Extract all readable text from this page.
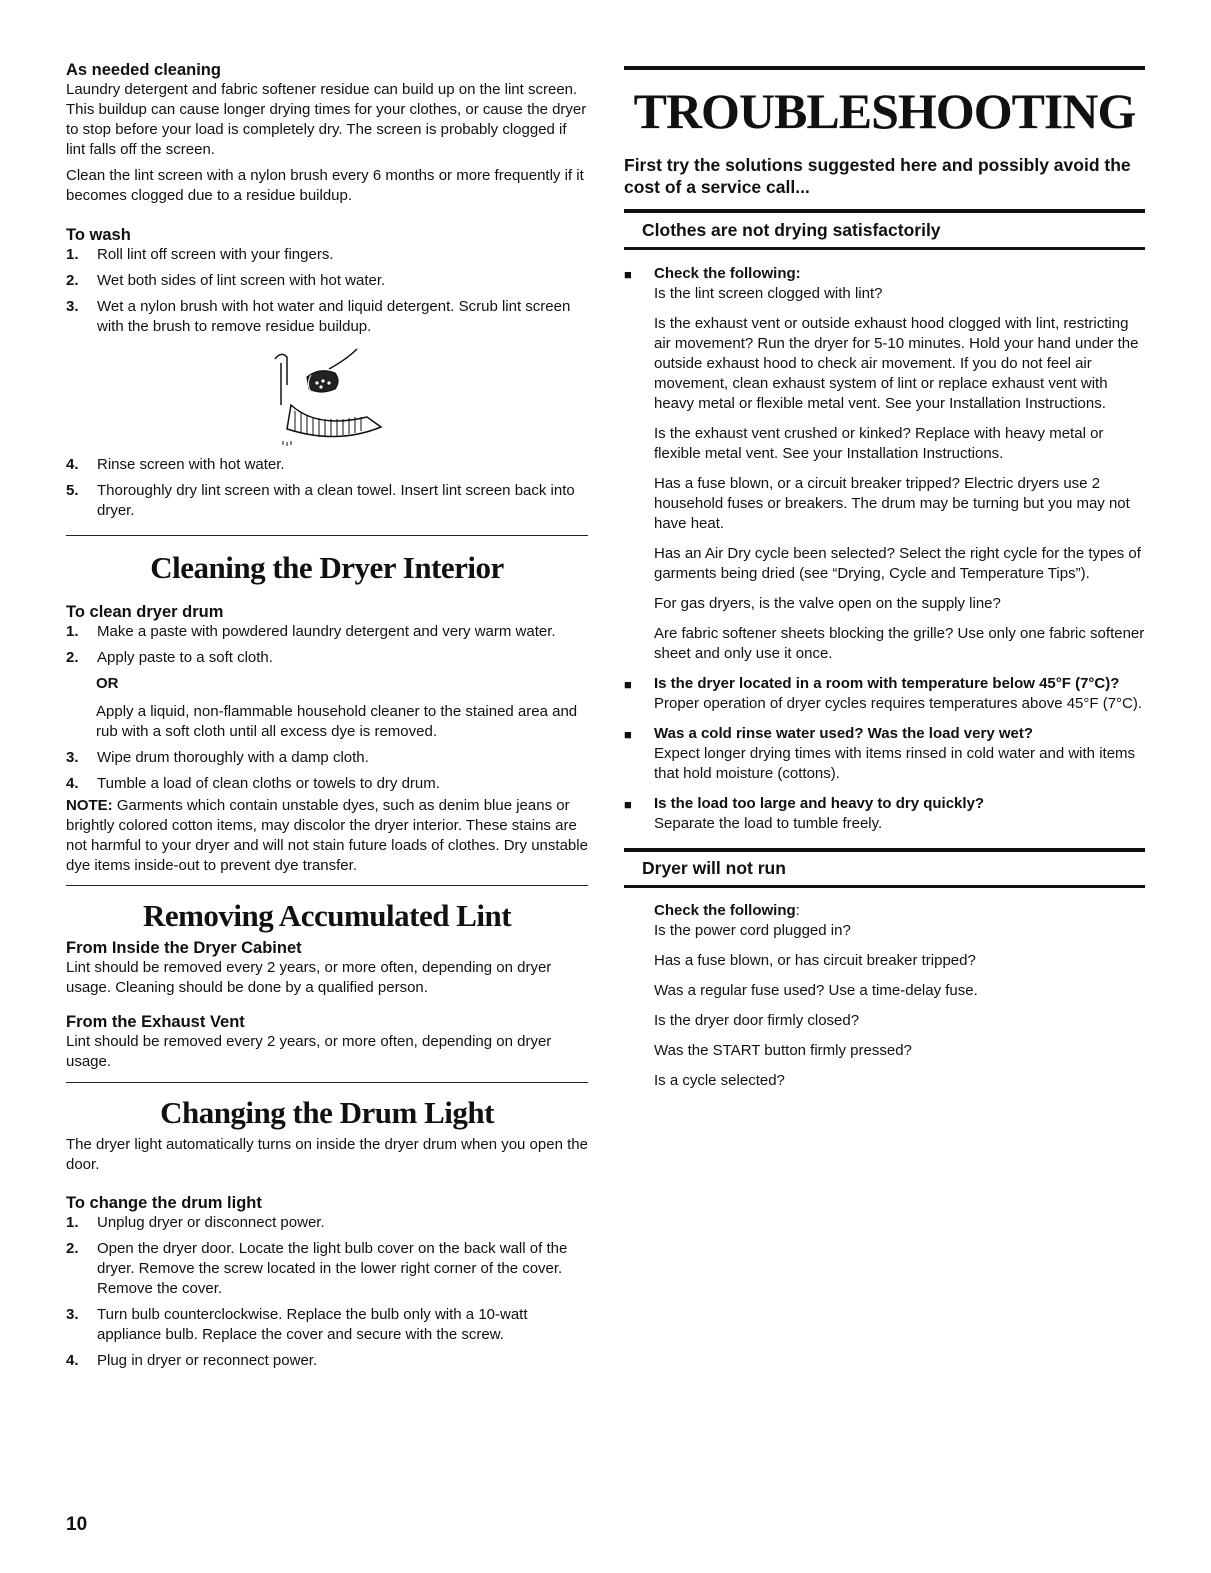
As needed cleaning

Laundry detergent and fabric softener residue can build up on the lint screen. This buildup can cause longer drying times for your clothes, or cause the dryer to stop before your load is completely dry. The screen is probably clogged if lint falls off the screen.

Clean the lint screen with a nylon brush every 6 months or more frequently if it becomes clogged due to a residue buildup.

To wash
1.	Roll lint off screen with your fingers.
2.	Wet both sides of lint screen with hot water.
3.	Wet a nylon brush with hot water and liquid detergent. Scrub lint screen with the brush to remove residue buildup.
4.	Rinse screen with hot water.
5.	Thoroughly dry lint screen with a clean towel. Insert lint screen back into dryer.
Cleaning the Dryer Interior
To clean dryer drum
1.	Make a paste with powdered laundry detergent and very warm water.
2.	Apply paste to a soft cloth.

OR

Apply a liquid, non-flammable household cleaner to the stained area and rub with a soft cloth until all excess dye is removed.

3.	Wipe drum thoroughly with a damp cloth.
4.	Tumble a load of clean cloths or towels to dry drum.

NOTE: Garments which contain unstable dyes, such as denim blue jeans or brightly colored cotton items, may discolor the dryer interior. These stains are not harmful to your dryer and will not stain future loads of clothes. Dry unstable dye items inside-out to prevent dye transfer.

Removing Accumulated Lint
From Inside the Dryer Cabinet

Lint should be removed every 2 years, or more often, depending on dryer usage. Cleaning should be done by a qualified person.

From the Exhaust Vent

Lint should be removed every 2 years, or more often, depending on dryer usage.

Changing the Drum Light

The dryer light automatically turns on inside the dryer drum when you open the door.

To change the drum light
1.	Unplug dryer or disconnect power.
2.	Open the dryer door. Locate the light bulb cover on the back wall of the dryer. Remove the screw located in the lower right corner of the cover. Remove the cover.
3.	Turn bulb counterclockwise. Replace the bulb only with a 10-watt appliance bulb. Replace the cover and secure with the screw.
4.	Plug in dryer or reconnect power.
10
TROUBLESHOOTING

First try the solutions suggested here and possibly avoid the cost of a service call...

Clothes are not drying satisfactorily
■	Check the following:

Is the lint screen clogged with lint?

Is the exhaust vent or outside exhaust hood clogged with lint, restricting air movement? Run the dryer for 5-10 minutes. Hold your hand under the outside exhaust hood to check air movement. If you do not feel air movement, clean exhaust system of lint or replace exhaust vent with heavy metal or flexible metal vent. See your Installation Instructions.

Is the exhaust vent crushed or kinked? Replace with heavy metal or flexible metal vent. See your Installation Instructions.

Has a fuse blown, or a circuit breaker tripped? Electric dryers use 2 household fuses or breakers. The drum may be turning but you may not have heat.

Has an Air Dry cycle been selected? Select the right cycle for the types of garments being dried (see “Drying, Cycle and Temperature Tips”).

For gas dryers, is the valve open on the supply line?

Are fabric softener sheets blocking the grille? Use only one fabric softener sheet and only use it once.

■	Is the dryer located in a room with temperature below 45°F (7°C)?

Proper operation of dryer cycles requires temperatures above 45°F (7°C).

■	Was a cold rinse water used? Was the load very wet?

Expect longer drying times with items rinsed in cold water and with items that hold moisture (cottons).

■	Is the load too large and heavy to dry quickly?

Separate the load to tumble freely.

Dryer will not run

Check the following:

Is the power cord plugged in?

Has a fuse blown, or has circuit breaker tripped?

Was a regular fuse used? Use a time-delay fuse.

Is the dryer door firmly closed?

Was the START button firmly pressed?

Is a cycle selected?
